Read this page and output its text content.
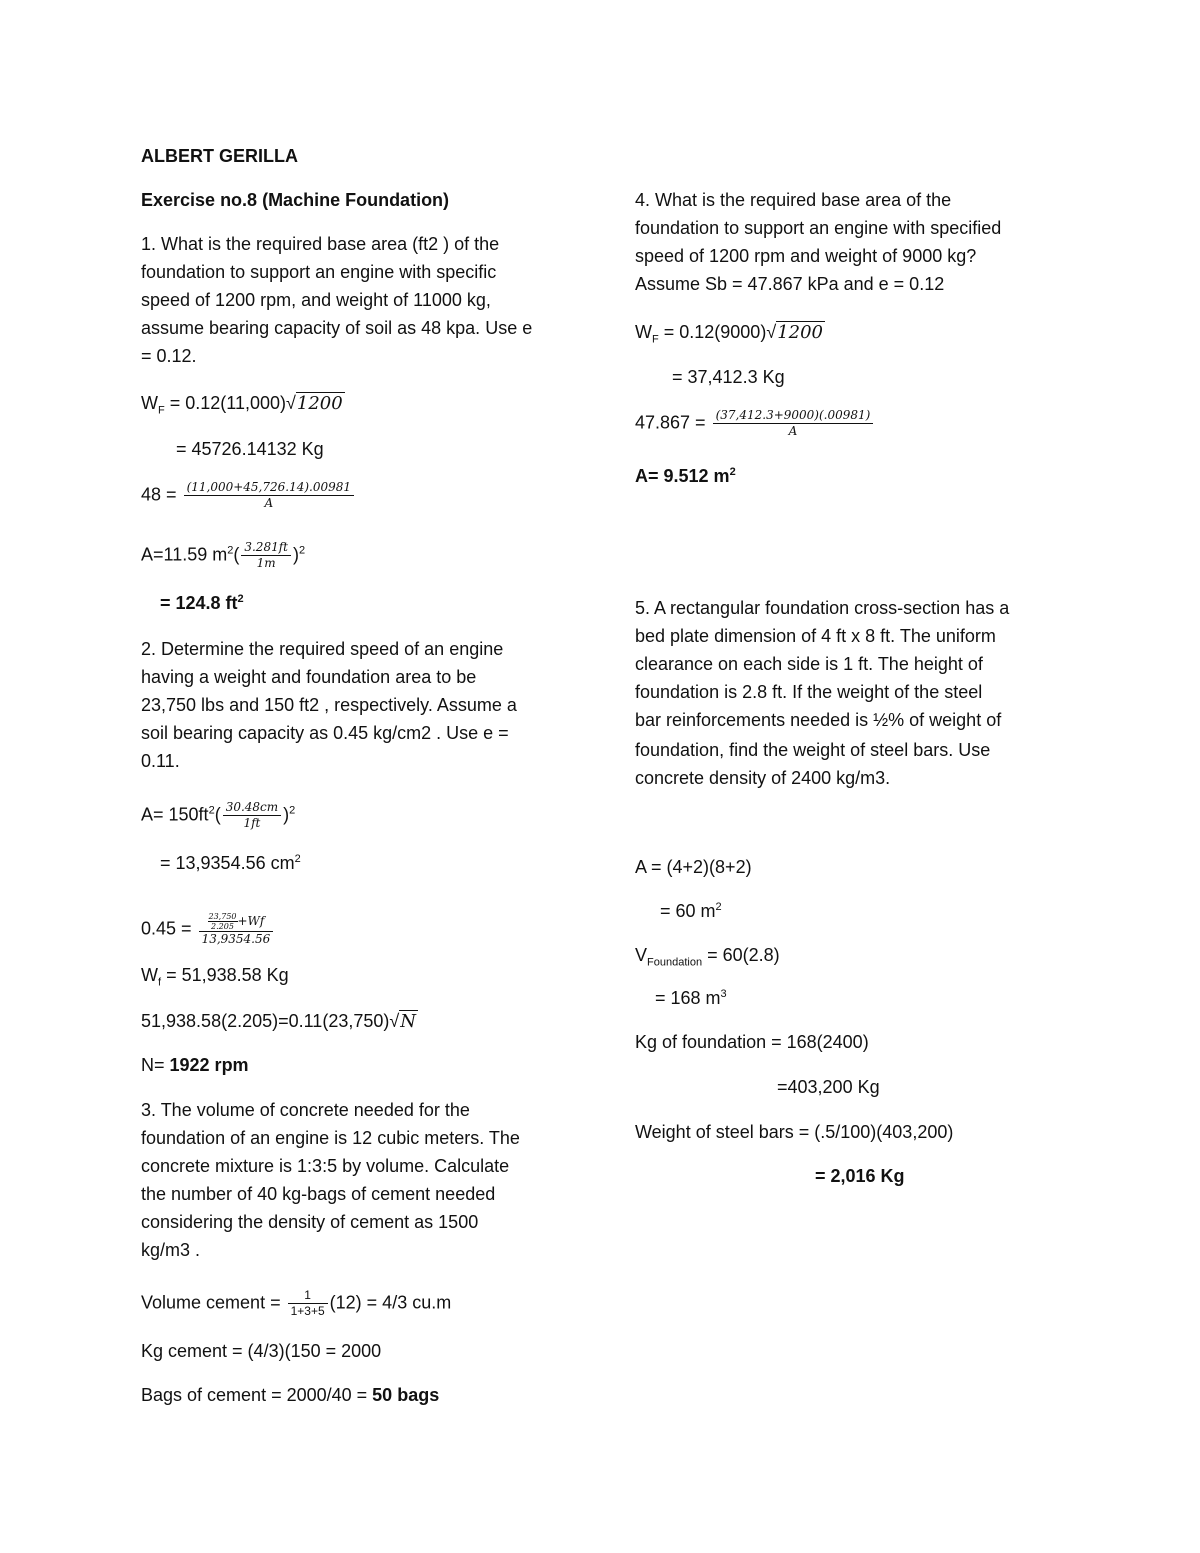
ALBERT GERILLA
Exercise no.8 (Machine Foundation)
1. What is the required base area (ft2 ) of the
foundation to support an engine with specific
speed of 1200 rpm, and weight of 11000 kg,
assume bearing capacity of soil as 48 kpa. Use e
= 0.12.
$W_F = 0.12(11,000)√1200$
= 45726.14132 Kg
$48 = \frac{(11,000+45,726.14).00981}{A}$
A=11.59 $m^2( \frac{3.281ft}{1m} )^2$
= 124.8 $ft^2$
2. Determine the required speed of an engine
having a weight and foundation area to be
23,750 lbs and 150 ft2 , respectively. Assume a
soil bearing capacity as 0.45 kg/cm2 . Use e =
0.11.
$A= 150ft^2( \frac{30.48cm}{1ft} )^2$
= 13,9354.56 $cm^2$
$0.45 = \frac{\frac{23,750}{2.205} +Wf}{13,9354.56}$
$W_f = 51,938.58$ Kg
51,938.58(2.205)=0.11(23,750)√N
N= 1922 rpm
3. The volume of concrete needed for the
foundation of an engine is 12 cubic meters. The
concrete mixture is 1:3:5 by volume. Calculate
the number of 40 kg-bags of cement needed
considering the density of cement as 1500
kg/m3 .
Volume cement = $\frac{1}{1+3+5} (12) = 4/3$ cu.m
Kg cement = (4/3)(150 = 2000
Bags of cement = 2000/40 = 50 bags
4. What is the required base area of the
foundation to support an engine with specified
speed of 1200 rpm and weight of 9000 kg?
Assume Sb = 47.867 kPa and e = 0.12
$W_F = 0.12(9000)√1200$
= 37,412.3 Kg
$47.867 = \frac{(37,412.3+9000)(.00981)}{A}$
A= 9.512 $m^2$
5. A rectangular foundation cross-section has a
bed plate dimension of 4 ft x 8 ft. The uniform
clearance on each side is 1 ft. The height of
foundation is 2.8 ft. If the weight of the steel
bar reinforcements needed is ½% of weight of
foundation, find the weight of steel bars. Use
concrete density of 2400 kg/m3.
A = (4+2)(8+2)
= 60 $m^2$
$V_{Foundation} = 60(2.8)$
= 168 $m^3$
Kg of foundation = 168(2400)
=403,200 Kg
Weight of steel bars = (.5/100)(403,200)
= 2,016 Kg
